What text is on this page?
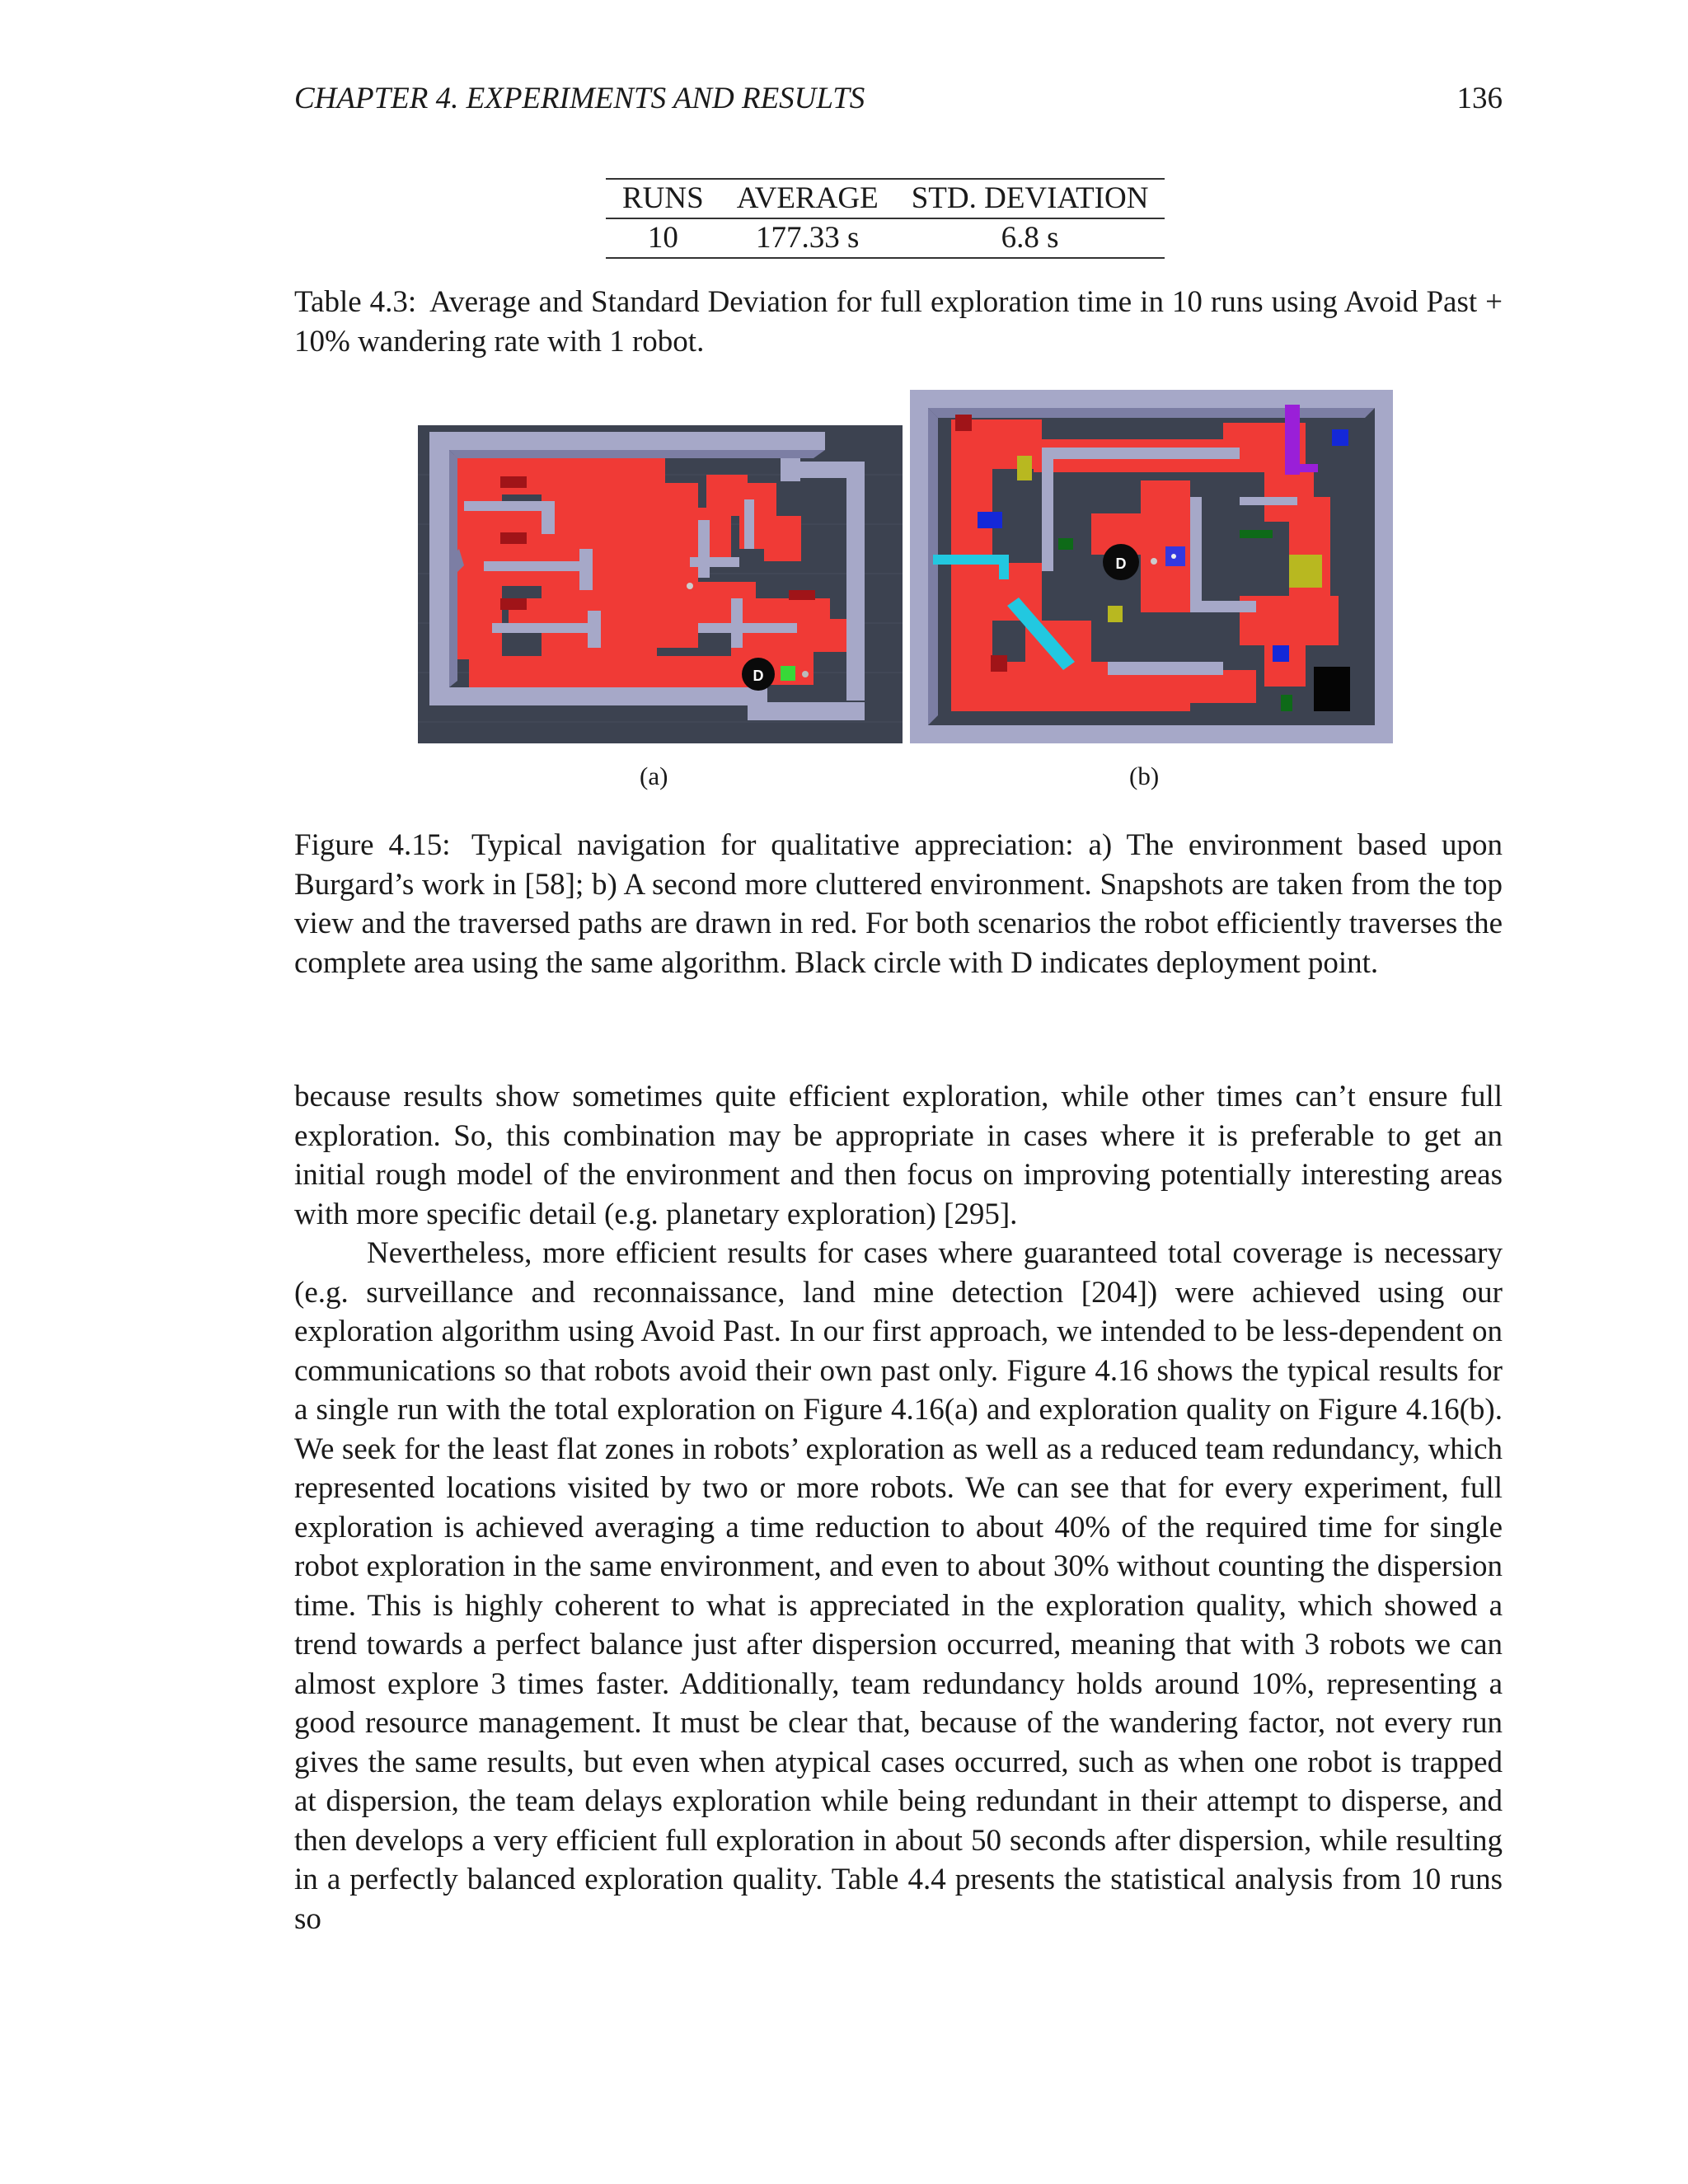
CHAPTER 4. EXPERIMENTS AND RESULTS	136
RUNS	AVERAGE	STD. DEVIATION
10	177.33 s	6.8 s
Table 4.3: Average and Standard Deviation for full exploration time in 10 runs using Avoid Past + 10% wandering rate with 1 robot.
D
D
(a)	(b)
Figure 4.15: Typical navigation for qualitative appreciation: a) The environment based upon Burgard’s work in [58]; b) A second more cluttered environment. Snapshots are taken from the top view and the traversed paths are drawn in red. For both scenarios the robot efficiently traverses the complete area using the same algorithm. Black circle with D indicates deployment point.

because results show sometimes quite efficient exploration, while other times can’t ensure full exploration. So, this combination may be appropriate in cases where it is preferable to get an initial rough model of the environment and then focus on improving potentially interesting areas with more specific detail (e.g. planetary exploration) [295].

Nevertheless, more efficient results for cases where guaranteed total coverage is necessary (e.g. surveillance and reconnaissance, land mine detection [204]) were achieved using our exploration algorithm using Avoid Past. In our first approach, we intended to be less-dependent on communications so that robots avoid their own past only. Figure 4.16 shows the typical results for a single run with the total exploration on Figure 4.16(a) and exploration quality on Figure 4.16(b). We seek for the least flat zones in robots’ exploration as well as a reduced team redundancy, which represented locations visited by two or more robots. We can see that for every experiment, full exploration is achieved averaging a time reduction to about 40% of the required time for single robot exploration in the same environment, and even to about 30% without counting the dispersion time. This is highly coherent to what is appreciated in the exploration quality, which showed a trend towards a perfect balance just after dispersion occurred, meaning that with 3 robots we can almost explore 3 times faster. Additionally, team redundancy holds around 10%, representing a good resource management. It must be clear that, because of the wandering factor, not every run gives the same results, but even when atypical cases occurred, such as when one robot is trapped at dispersion, the team delays exploration while being redundant in their attempt to disperse, and then develops a very efficient full exploration in about 50 seconds after dispersion, while resulting in a perfectly balanced exploration quality. Table 4.4 presents the statistical analysis from 10 runs so
